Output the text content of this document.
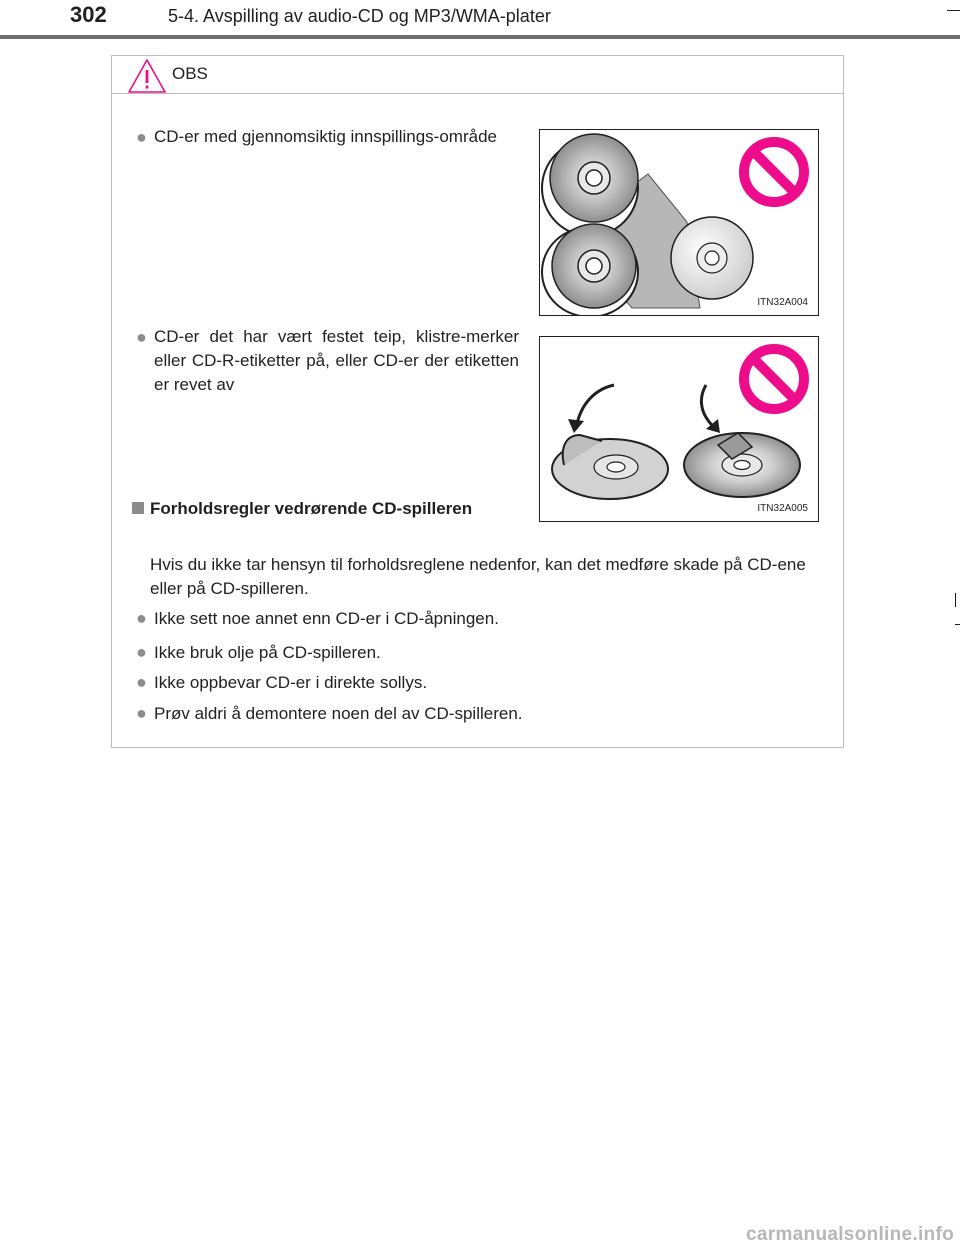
302	5-4. Avspilling av audio-CD og MP3/WMA-plater
OBS
● CD-er med gjennomsiktig innspillings-område
ITN32A004
● CD-er det har vært festet teip, klistre-merker eller CD-R-etiketter på, eller CD-er der etiketten er revet av
ITN32A005
Forholdsregler vedrørende CD-spilleren
Hvis du ikke tar hensyn til forholdsreglene nedenfor, kan det medføre skade på CD-ene eller på CD-spilleren.
● Ikke sett noe annet enn CD-er i CD-åpningen.
● Ikke bruk olje på CD-spilleren.
● Ikke oppbevar CD-er i direkte sollys.
● Prøv aldri å demontere noen del av CD-spilleren.
carmanualsonline.info
